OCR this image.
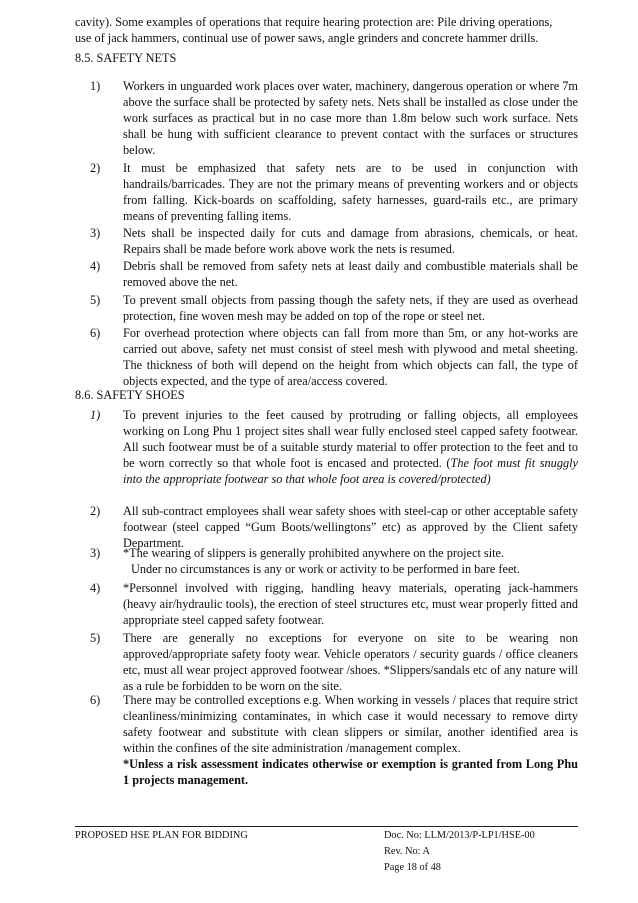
cavity). Some examples of operations that require hearing protection are: Pile driving operations,

use of jack hammers, continual use of power saws, angle grinders and concrete hammer drills.

8.5. SAFETY NETS

1)	Workers in unguarded work places over water, machinery, dangerous operation or where 7m above the surface shall be protected by safety nets. Nets shall be installed as close under the work surfaces as practical but in no case more than 1.8m below such work surface. Nets shall be hung with sufficient clearance to prevent contact with the surfaces or structures below.

2)	It must be emphasized that safety nets are to be used in conjunction with handrails/barricades. They are not the primary means of preventing workers and or objects from falling. Kick-boards on scaffolding, safety harnesses, guard-rails etc., are primary means of preventing falling items.

3)	Nets shall be inspected daily for cuts and damage from abrasions, chemicals, or heat. Repairs shall be made before work above work the nets is resumed.

4)	Debris shall be removed from safety nets at least daily and combustible materials shall be removed above the net.

5)	To prevent small objects from passing though the safety nets, if they are used as overhead protection, fine woven mesh may be added on top of the rope or steel net.

6)	For overhead protection where objects can fall from more than 5m, or any hot-works are carried out above, safety net must consist of steel mesh with plywood and metal sheeting. The thickness of both will depend on the height from which objects can fall, the type of objects expected, and the type of area/access covered.

8.6. SAFETY SHOES

1)	To prevent injuries to the feet caused by protruding or falling objects, all employees working on Long Phu 1 project sites shall wear fully enclosed steel capped safety footwear. All such footwear must be of a suitable sturdy material to offer protection to the feet and to be worn correctly so that whole foot is encased and protected. (The foot must fit snuggly into the appropriate footwear so that whole foot area is covered/protected)

2)	All sub-contract employees shall wear safety shoes with steel-cap or other acceptable safety footwear (steel capped “Gum Boots/wellingtons” etc) as approved by the Client safety Department.

3)	*The wearing of slippers is generally prohibited anywhere on the project site.
Under no circumstances is any or work or activity to be performed in bare feet.

4)	*Personnel involved with rigging, handling heavy materials, operating jack-hammers (heavy air/hydraulic tools), the erection of steel structures etc, must wear properly fitted and appropriate steel capped safety footwear.

5)	There are generally no exceptions for everyone on site to be wearing non approved/appropriate safety footy wear. Vehicle operators / security guards / office cleaners etc, must all wear project approved footwear /shoes. *Slippers/sandals etc of any nature will as a rule be forbidden to be worn on the site.

6)	There may be controlled exceptions e.g. When working in vessels / places that require strict cleanliness/minimizing contaminates, in which case it would necessary to remove dirty safety footwear and substitute with clean slippers or similar, another identified area is within the confines of the site administration /management complex.

*Unless a risk assessment indicates otherwise or exemption is granted from Long Phu 1 projects management.

PROPOSED HSE PLAN FOR BIDDING	Doc. No: LLM/2013/P-LP1/HSE-00
Rev. No: A
Page 18 of 48
